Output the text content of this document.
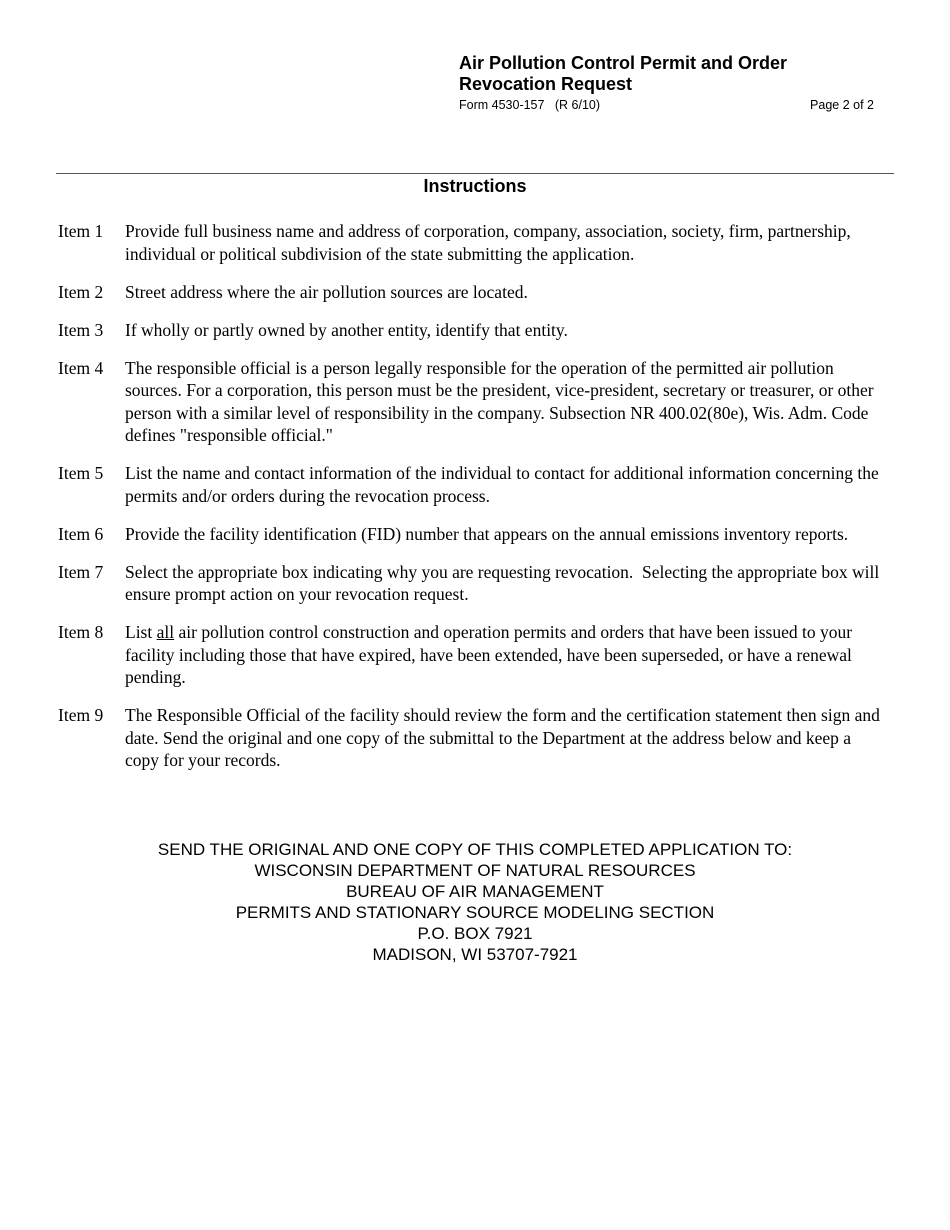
Air Pollution Control Permit and Order
Revocation Request
Form 4530-157   (R 6/10)	Page 2 of 2
Instructions
Item 1	Provide full business name and address of corporation, company, association, society, firm, partnership, individual or political subdivision of the state submitting the application.
Item 2	Street address where the air pollution sources are located.
Item 3	If wholly or partly owned by another entity, identify that entity.
Item 4	The responsible official is a person legally responsible for the operation of the permitted air pollution sources. For a corporation, this person must be the president, vice-president, secretary or treasurer, or other person with a similar level of responsibility in the company. Subsection NR 400.02(80e), Wis. Adm. Code defines "responsible official."
Item 5	List the name and contact information of the individual to contact for additional information concerning the permits and/or orders during the revocation process.
Item 6	Provide the facility identification (FID) number that appears on the annual emissions inventory reports.
Item 7	Select the appropriate box indicating why you are requesting revocation.  Selecting the appropriate box will ensure prompt action on your revocation request.
Item 8	List all air pollution control construction and operation permits and orders that have been issued to your facility including those that have expired, have been extended, have been superseded, or have a renewal pending.
Item 9	The Responsible Official of the facility should review the form and the certification statement then sign and date. Send the original and one copy of the submittal to the Department at the address below and keep a copy for your records.
SEND THE ORIGINAL AND ONE COPY OF THIS COMPLETED APPLICATION TO:
WISCONSIN DEPARTMENT OF NATURAL RESOURCES
BUREAU OF AIR MANAGEMENT
PERMITS AND STATIONARY SOURCE MODELING SECTION
P.O. BOX 7921
MADISON, WI 53707-7921
